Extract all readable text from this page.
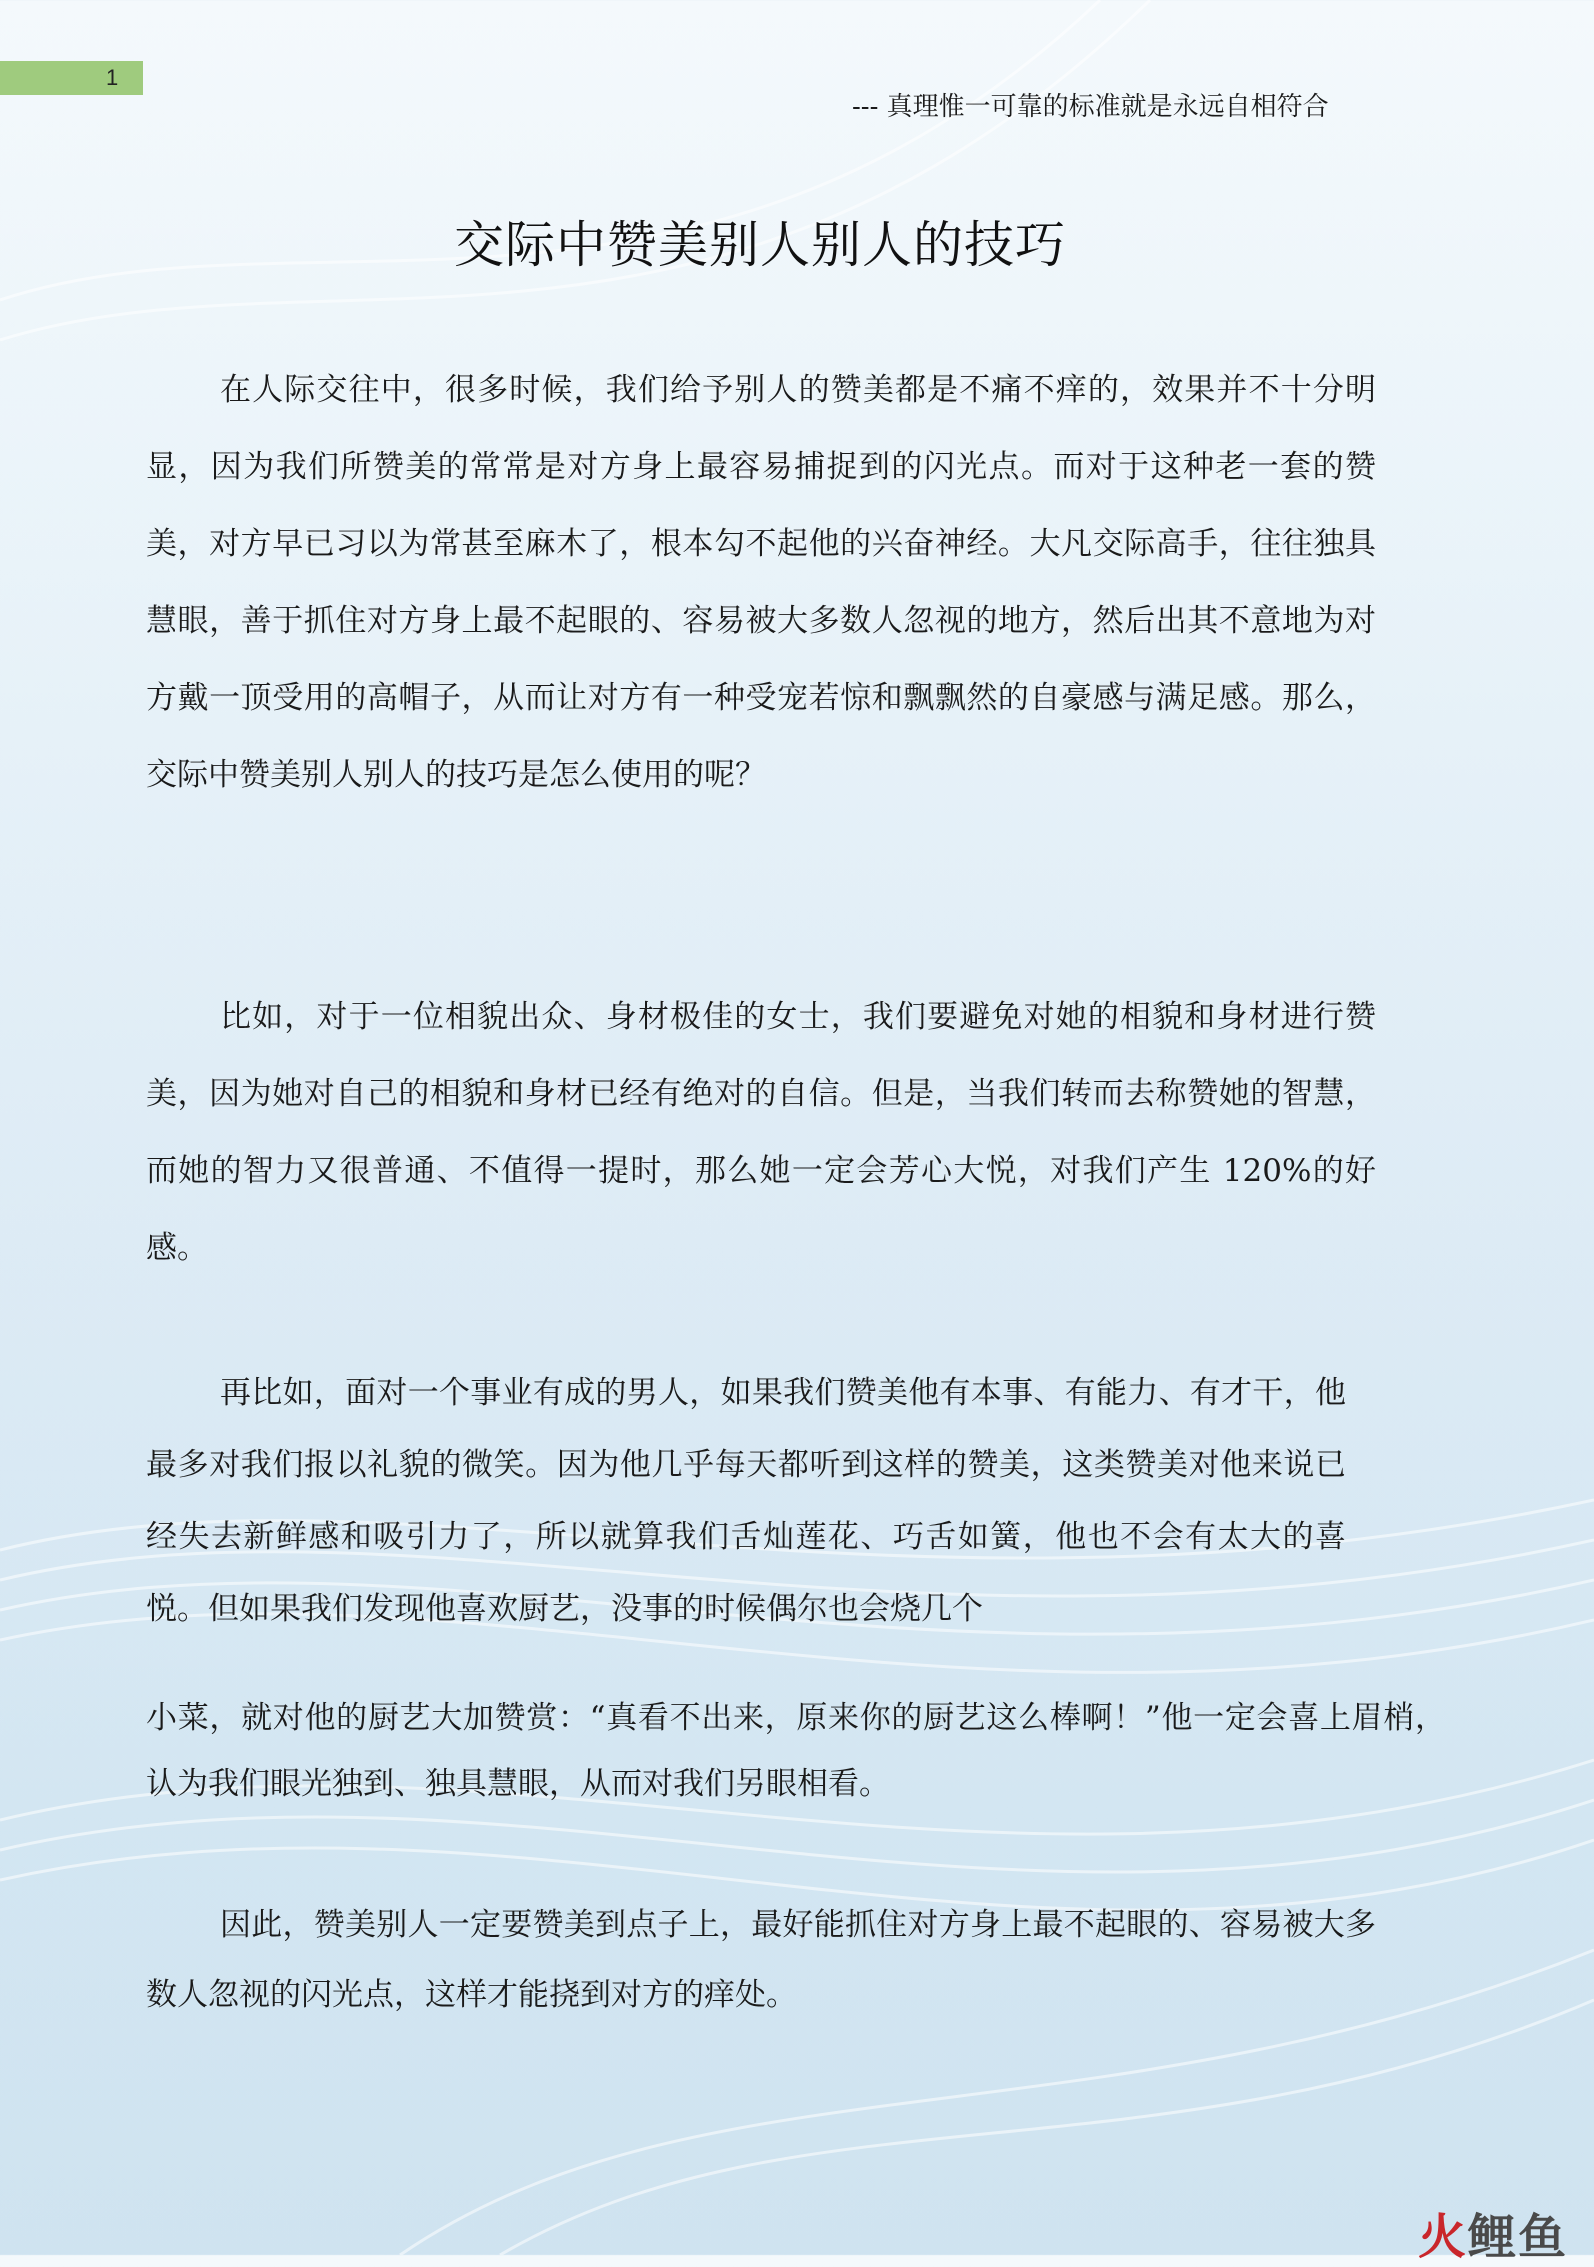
1
--- 真理惟一可靠的标准就是永远自相符合
交际中赞美别人别人的技巧

在人际交往中，很多时候，我们给予别人的赞美都是不痛不痒的，效果并不十分明显，因为我们所赞美的常常是对方身上最容易捕捉到的闪光点。而对于这种老一套的赞美，对方早已习以为常甚至麻木了，根本勾不起他的兴奋神经。大凡交际高手，往往独具慧眼，善于抓住对方身上最不起眼的、容易被大多数人忽视的地方，然后出其不意地为对方戴一顶受用的高帽子，从而让对方有一种受宠若惊和飘飘然的自豪感与满足感。那么，交际中赞美别人别人的技巧是怎么使用的呢？

比如，对于一位相貌出众、身材极佳的女士，我们要避免对她的相貌和身材进行赞美，因为她对自己的相貌和身材已经有绝对的自信。但是，当我们转而去称赞她的智慧，而她的智力又很普通、不值得一提时，那么她一定会芳心大悦，对我们产生 120%的好感。

再比如，面对一个事业有成的男人，如果我们赞美他有本事、有能力、有才干，他最多对我们报以礼貌的微笑。因为他几乎每天都听到这样的赞美，这类赞美对他来说已经失去新鲜感和吸引力了，所以就算我们舌灿莲花、巧舌如簧，他也不会有太大的喜悦。但如果我们发现他喜欢厨艺，没事的时候偶尔也会烧几个

小菜，就对他的厨艺大加赞赏：“真看不出来，原来你的厨艺这么棒啊！”他一定会喜上眉梢，认为我们眼光独到、独具慧眼，从而对我们另眼相看。

因此，赞美别人一定要赞美到点子上，最好能抓住对方身上最不起眼的、容易被大多数人忽视的闪光点，这样才能挠到对方的痒处。

火鲤鱼
